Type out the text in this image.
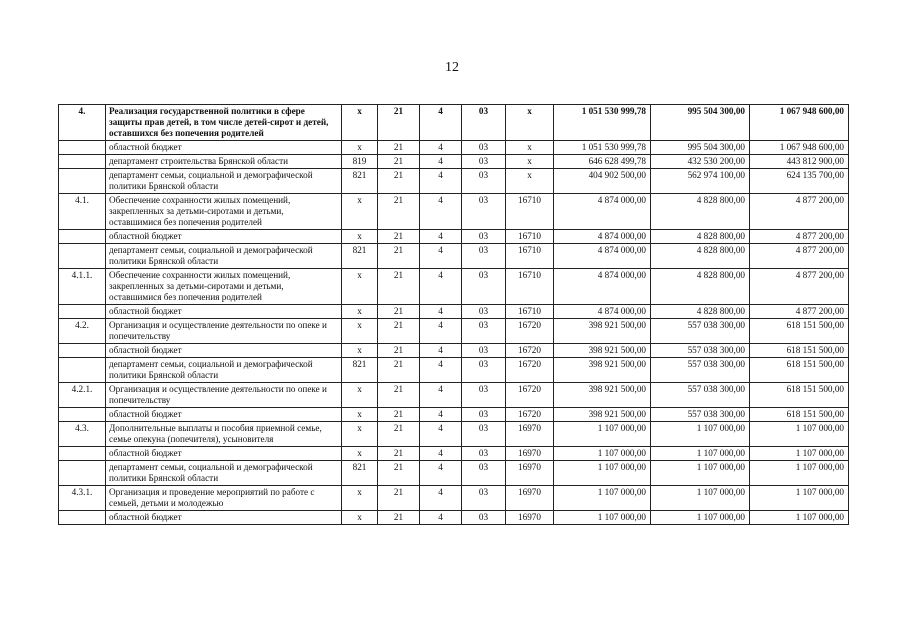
12
4.	Реализация государственной политики в сфере защиты прав детей, в том числе детей-сирот и детей, оставшихся без попечения родителей	х	21	4	03	х	1 051 530 999,78	995 504 300,00	1 067 948 600,00
	областной бюджет	х	21	4	03	х	1 051 530 999,78	995 504 300,00	1 067 948 600,00
	департамент строительства Брянской области	819	21	4	03	х	646 628 499,78	432 530 200,00	443 812 900,00
	департамент семьи, социальной и демографической политики Брянской области	821	21	4	03	х	404 902 500,00	562 974 100,00	624 135 700,00
4.1.	Обеспечение сохранности жилых помещений, закрепленных за детьми-сиротами и детьми, оставшимися без попечения родителей	х	21	4	03	16710	4 874 000,00	4 828 800,00	4 877 200,00
	областной бюджет	х	21	4	03	16710	4 874 000,00	4 828 800,00	4 877 200,00
	департамент семьи, социальной и демографической политики Брянской области	821	21	4	03	16710	4 874 000,00	4 828 800,00	4 877 200,00
4.1.1.	Обеспечение сохранности жилых помещений, закрепленных за детьми-сиротами и детьми, оставшимися без попечения родителей	х	21	4	03	16710	4 874 000,00	4 828 800,00	4 877 200,00
	областной бюджет	х	21	4	03	16710	4 874 000,00	4 828 800,00	4 877 200,00
4.2.	Организация и осуществление деятельности по опеке и попечительству	х	21	4	03	16720	398 921 500,00	557 038 300,00	618 151 500,00
	областной бюджет	х	21	4	03	16720	398 921 500,00	557 038 300,00	618 151 500,00
	департамент семьи, социальной и демографической политики Брянской области	821	21	4	03	16720	398 921 500,00	557 038 300,00	618 151 500,00
4.2.1.	Организация и осуществление деятельности по опеке и попечительству	х	21	4	03	16720	398 921 500,00	557 038 300,00	618 151 500,00
	областной бюджет	х	21	4	03	16720	398 921 500,00	557 038 300,00	618 151 500,00
4.3.	Дополнительные выплаты и пособия приемной семье, семье опекуна (попечителя), усыновителя	х	21	4	03	16970	1 107 000,00	1 107 000,00	1 107 000,00
	областной бюджет	х	21	4	03	16970	1 107 000,00	1 107 000,00	1 107 000,00
	департамент семьи, социальной и демографической политики Брянской области	821	21	4	03	16970	1 107 000,00	1 107 000,00	1 107 000,00
4.3.1.	Организация и проведение мероприятий по работе с семьей, детьми и молодежью	х	21	4	03	16970	1 107 000,00	1 107 000,00	1 107 000,00
	областной бюджет	х	21	4	03	16970	1 107 000,00	1 107 000,00	1 107 000,00
